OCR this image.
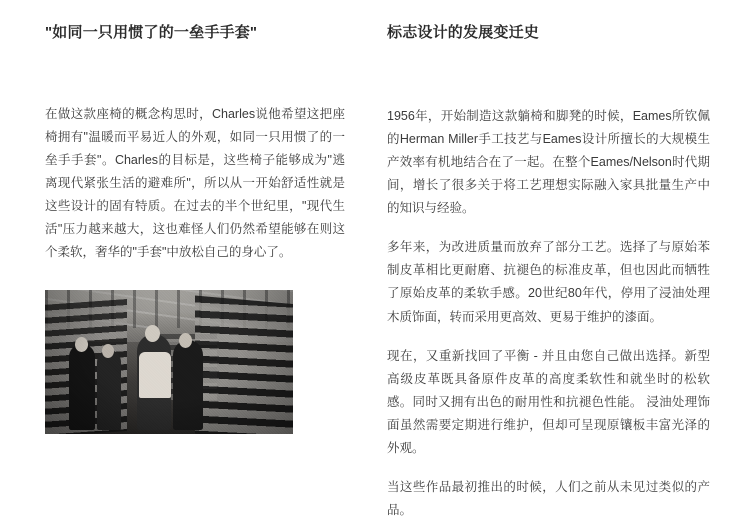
"如同一只用惯了的一垒手手套"

在做这款座椅的概念构思时，Charles说他希望这把座椅拥有"温暖而平易近人的外观，如同一只用惯了的一垒手手套"。Charles的目标是，这些椅子能够成为"逃离现代紧张生活的避难所"，所以从一开始舒适性就是这些设计的固有特质。在过去的半个世纪里，"现代生活"压力越来越大，这也难怪人们仍然希望能够在则这个柔软，奢华的"手套"中放松自己的身心了。

标志设计的发展变迁史

1956年，开始制造这款躺椅和脚凳的时候，Eames所钦佩的Herman Miller手工技艺与Eames设计所擅长的大规模生产效率有机地结合在了一起。在整个Eames/Nelson时代期间，增长了很多关于将工艺理想实际融入家具批量生产中的知识与经验。

多年来，为改进质量而放弃了部分工艺。选择了与原始苯制皮革相比更耐磨、抗褪色的标准皮革，但也因此而牺牲了原始皮革的柔软手感。20世纪80年代，停用了浸油处理木质饰面，转而采用更高效、更易于维护的漆面。

现在，又重新找回了平衡 - 并且由您自己做出选择。新型高级皮革既具备原件皮革的高度柔软性和就坐时的松软感。同时又拥有出色的耐用性和抗褪色性能。 浸油处理饰面虽然需要定期进行维护，但却可呈现原镶板丰富光泽的外观。

当这些作品最初推出的时候，人们之前从未见过类似的产品。
